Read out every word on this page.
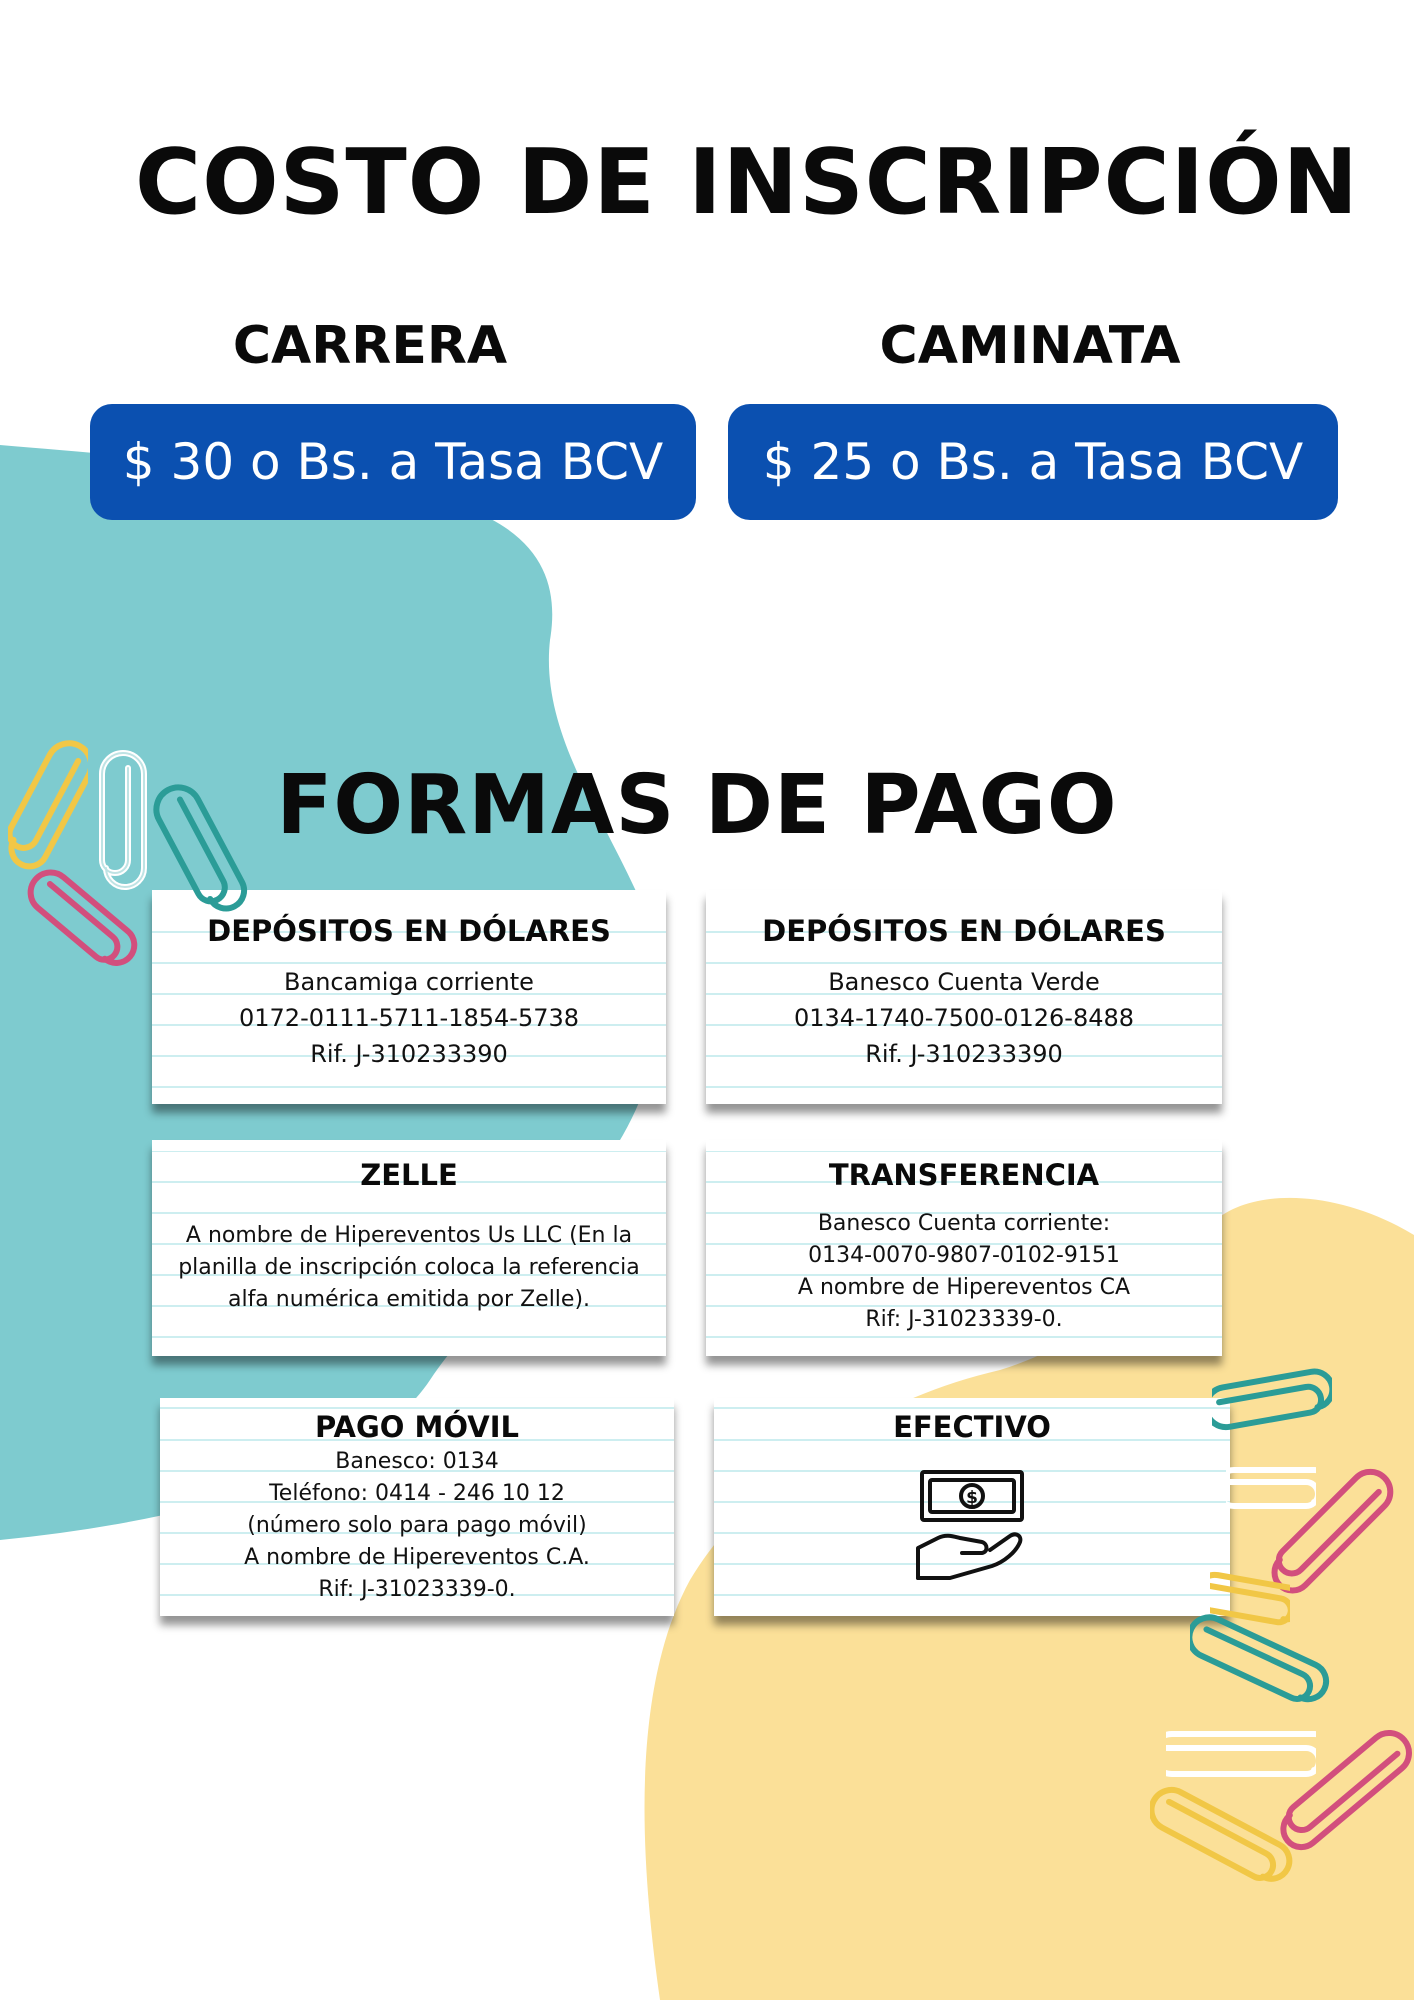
COSTO DE INSCRIPCIÓN
CARRERA	CAMINATA
$ 30 o Bs. a Tasa BCV	$ 25 o Bs. a Tasa BCV
FORMAS DE PAGO
DEPÓSITOS EN DÓLARES
Bancamiga corriente
0172-0111-5711-1854-5738
Rif. J-310233390
DEPÓSITOS EN DÓLARES
Banesco Cuenta Verde
0134-1740-7500-0126-8488
Rif. J-310233390
ZELLE
A nombre de Hipereventos Us LLC (En la
planilla de inscripción coloca la referencia
alfa numérica emitida por Zelle).
TRANSFERENCIA
Banesco Cuenta corriente:
0134-0070-9807-0102-9151
A nombre de Hipereventos CA
Rif: J-31023339-0.
PAGO MÓVIL
Banesco: 0134
Teléfono: 0414 - 246 10 12
(número solo para pago móvil)
A nombre de Hipereventos C.A.
Rif: J-31023339-0.
EFECTIVO
$
